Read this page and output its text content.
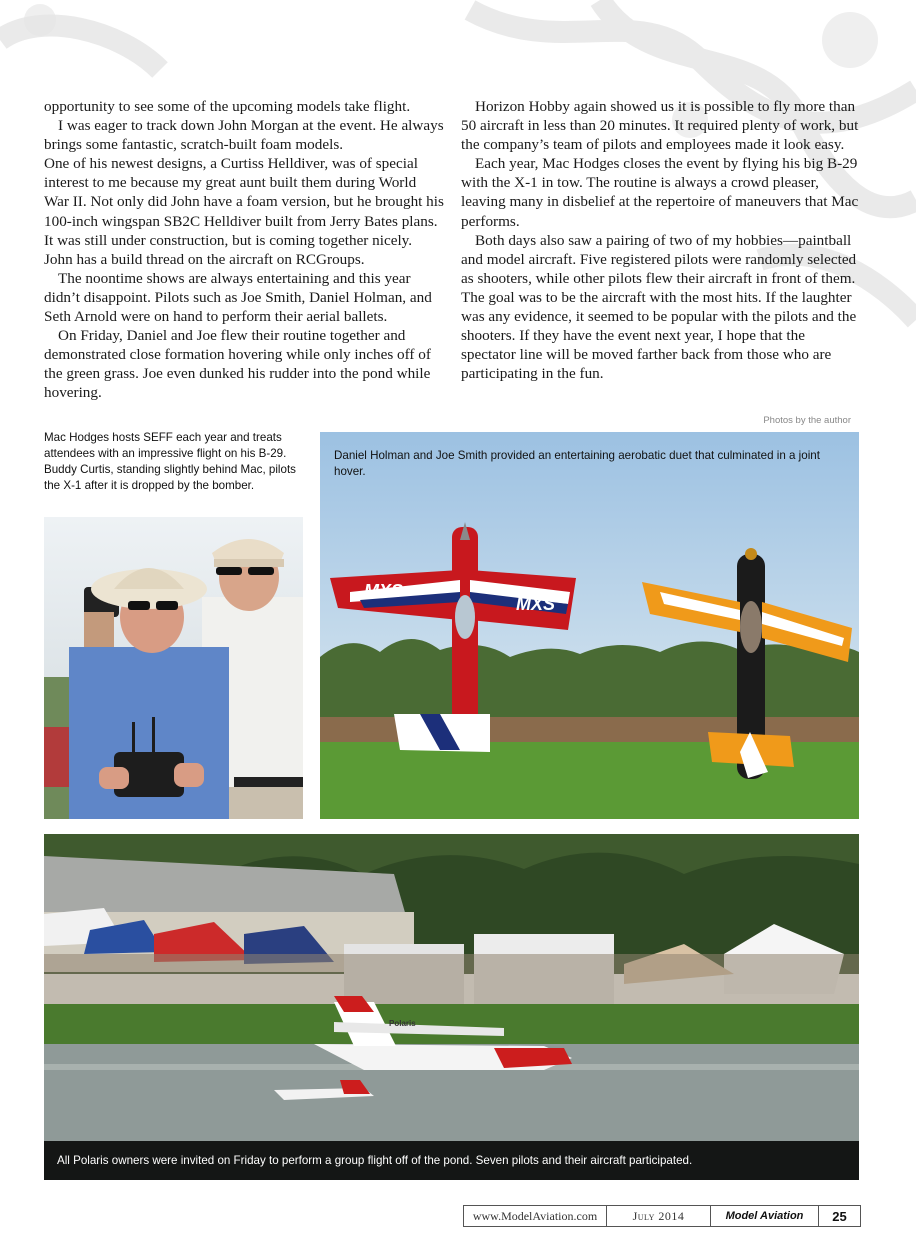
opportunity to see some of the upcoming models take flight.

I was eager to track down John Morgan at the event. He always brings some fantastic, scratch-built foam models.

One of his newest designs, a Curtiss Helldiver, was of special interest to me because my great aunt built them during World War II. Not only did John have a foam version, but he brought his 100-inch wingspan SB2C Helldiver built from Jerry Bates plans. It was still under construction, but is coming together nicely. John has a build thread on the aircraft on RCGroups.

The noontime shows are always entertaining and this year didn’t disappoint. Pilots such as Joe Smith, Daniel Holman, and Seth Arnold were on hand to perform their aerial ballets.

On Friday, Daniel and Joe flew their routine together and demonstrated close formation hovering while only inches off of the green grass. Joe even dunked his rudder into the pond while hovering.

Horizon Hobby again showed us it is possible to fly more than 50 aircraft in less than 20 minutes. It required plenty of work, but the company’s team of pilots and employees made it look easy.

Each year, Mac Hodges closes the event by flying his big B-29 with the X-1 in tow. The routine is always a crowd pleaser, leaving many in disbelief at the repertoire of maneuvers that Mac performs.

Both days also saw a pairing of two of my hobbies—paintball and model aircraft. Five registered pilots were randomly selected as shooters, while other pilots flew their aircraft in front of them. The goal was to be the aircraft with the most hits. If the laughter was any evidence, it seemed to be popular with the pilots and the shooters. If they have the event next year, I hope that the spectator line will be moved farther back from those who are participating in the fun.

Photos by the author
Mac Hodges hosts SEFF each year and treats attendees with an impressive flight on his B-29. Buddy Curtis, standing slightly behind Mac, pilots the X-1 after it is dropped by the bomber.
MXS
MXS
Daniel Holman and Joe Smith provided an entertaining aerobatic duet that culminated in a joint hover.
Polaris
All Polaris owners were invited on Friday to perform a group flight off of the pond. Seven pilots and their aircraft participated.
www.ModelAviation.com	July 2014	Model Aviation	25
